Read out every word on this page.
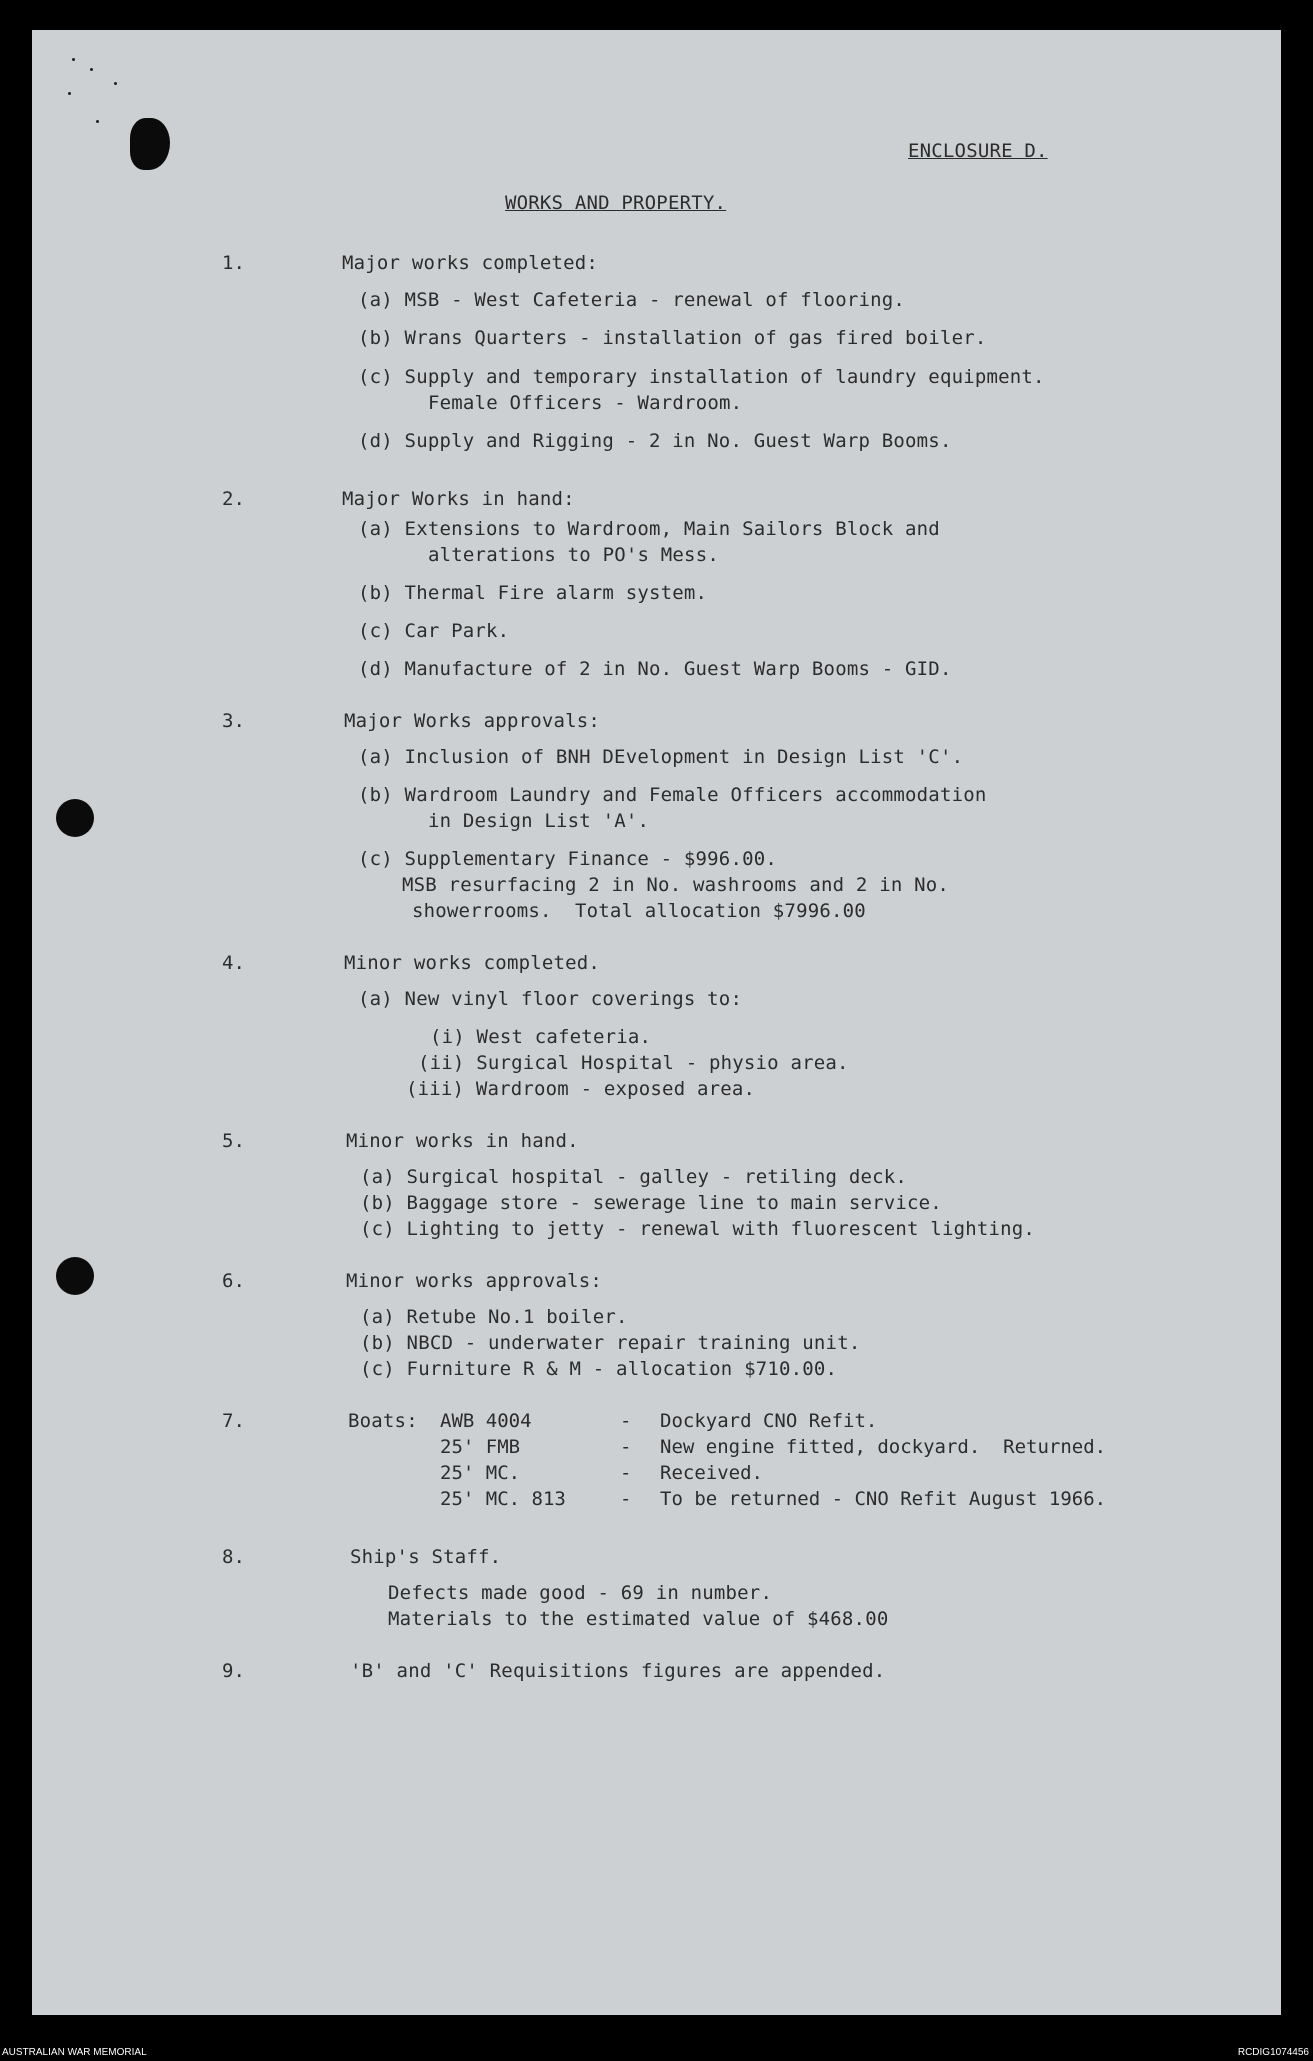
ENCLOSURE D.
WORKS AND PROPERTY.
1.	Major works completed:
(a) MSB - West Cafeteria - renewal of flooring.
(b) Wrans Quarters - installation of gas fired boiler.
(c) Supply and temporary installation of laundry equipment.
Female Officers - Wardroom.
(d) Supply and Rigging - 2 in No. Guest Warp Booms.
2.	Major Works in hand:
(a) Extensions to Wardroom, Main Sailors Block and
alterations to PO's Mess.
(b) Thermal Fire alarm system.
(c) Car Park.
(d) Manufacture of 2 in No. Guest Warp Booms - GID.
3.	Major Works approvals:
(a) Inclusion of BNH DEvelopment in Design List 'C'.
(b) Wardroom Laundry and Female Officers accommodation
in Design List 'A'.
(c) Supplementary Finance - $996.00.
MSB resurfacing 2 in No. washrooms and 2 in No.
showerrooms.  Total allocation $7996.00
4.	Minor works completed.
(a) New vinyl floor coverings to:
(i) West cafeteria.
(ii) Surgical Hospital - physio area.
(iii) Wardroom - exposed area.
5.	Minor works in hand.
(a) Surgical hospital - galley - retiling deck.
(b) Baggage store - sewerage line to main service.
(c) Lighting to jetty - renewal with fluorescent lighting.
6.	Minor works approvals:
(a) Retube No.1 boiler.
(b) NBCD - underwater repair training unit.
(c) Furniture R & M - allocation $710.00.
7.	Boats: AWB 4004	-	Dockyard CNO Refit.
25' FMB	-	New engine fitted, dockyard.  Returned.
25' MC.	-	Received.
25' MC. 813	-	To be returned - CNO Refit August 1966.
8.	Ship's Staff.
Defects made good - 69 in number.
Materials to the estimated value of $468.00
9.	'B' and 'C' Requisitions figures are appended.
AUSTRALIAN WAR MEMORIAL	RCDIG1074456
